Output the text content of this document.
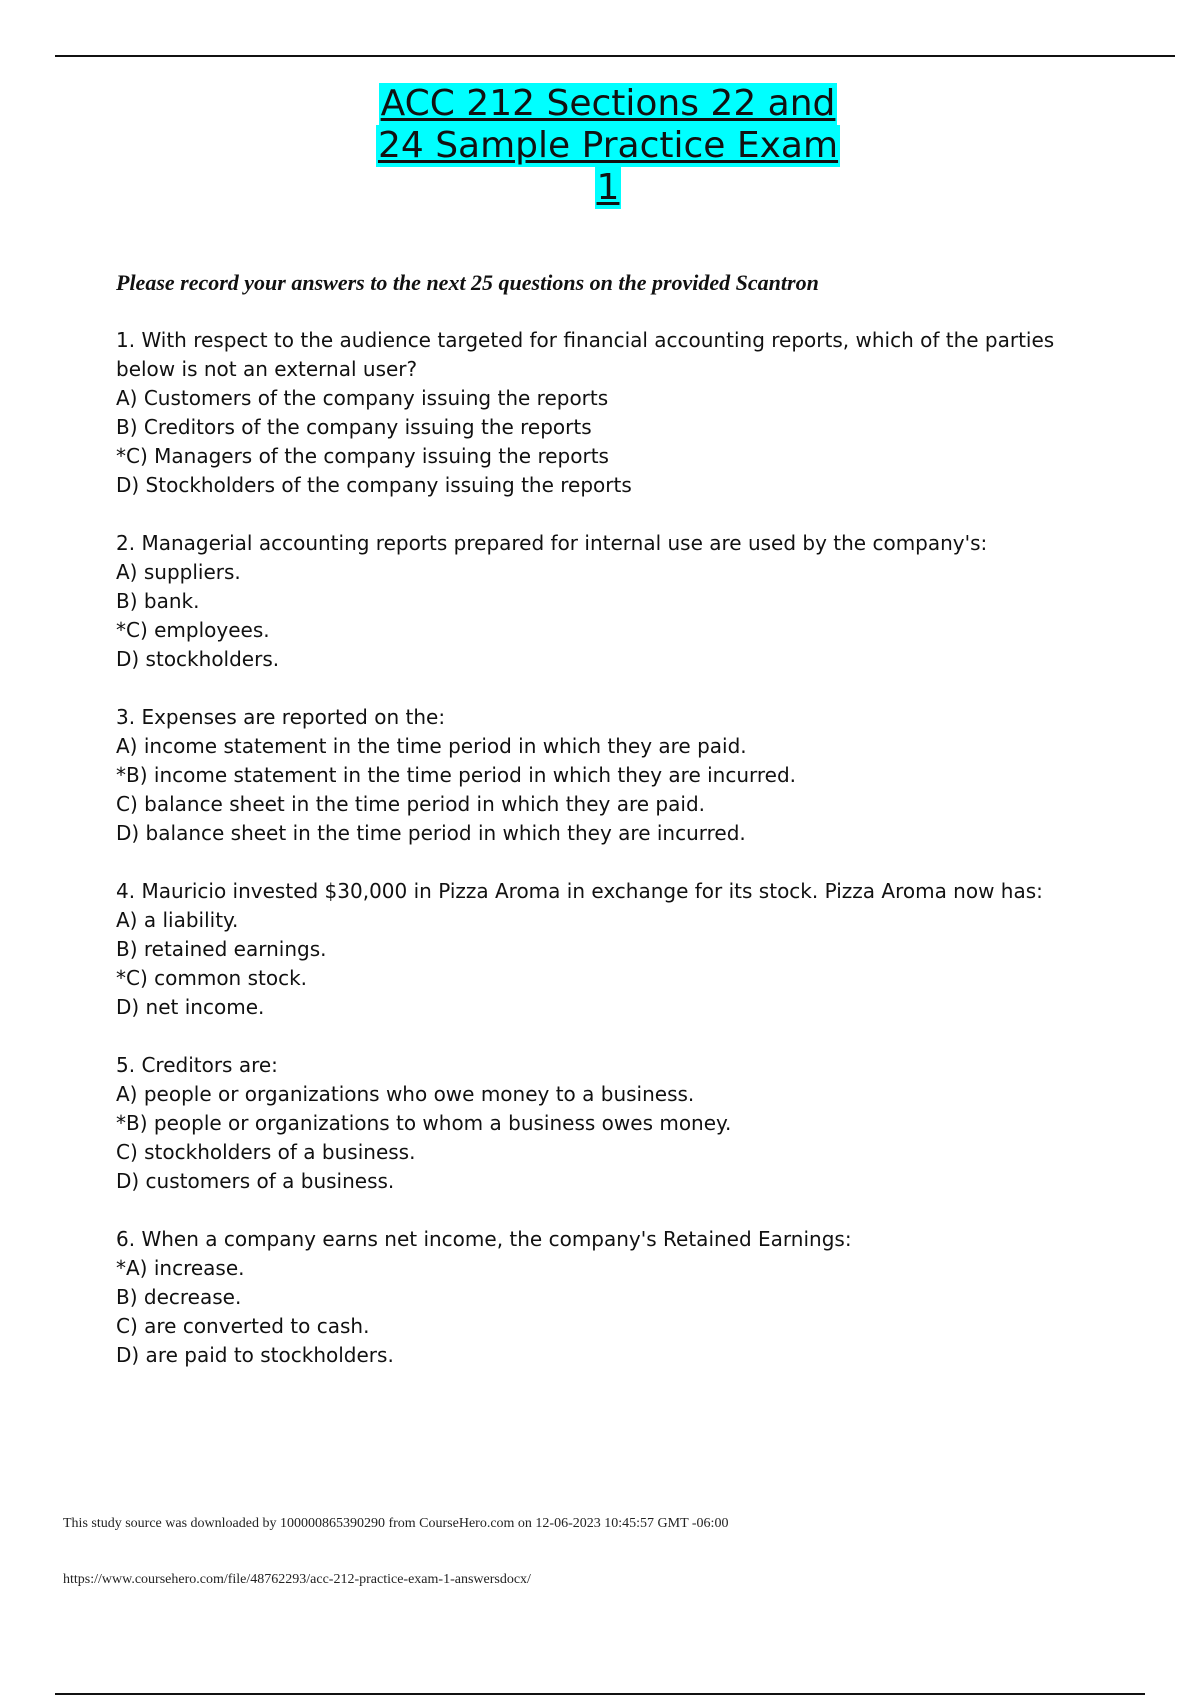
ACC 212 Sections 22 and
24 Sample Practice Exam
1
Please record your answers to the next 25 questions on the provided Scantron

1. With respect to the audience targeted for financial accounting reports, which of the parties below is not an external user?

A) Customers of the company issuing the reports

B) Creditors of the company issuing the reports

*C) Managers of the company issuing the reports

D) Stockholders of the company issuing the reports

2. Managerial accounting reports prepared for internal use are used by the company's:

A) suppliers.

B) bank.

*C) employees.

D) stockholders.

3. Expenses are reported on the:

A) income statement in the time period in which they are paid.

*B) income statement in the time period in which they are incurred.

C) balance sheet in the time period in which they are paid.

D) balance sheet in the time period in which they are incurred.

4. Mauricio invested $30,000 in Pizza Aroma in exchange for its stock. Pizza Aroma now has:

A) a liability.

B) retained earnings.

*C) common stock.

D) net income.

5. Creditors are:

A) people or organizations who owe money to a business.

*B) people or organizations to whom a business owes money.

C) stockholders of a business.

D) customers of a business.

6. When a company earns net income, the company's Retained Earnings:

*A) increase.

B) decrease.

C) are converted to cash.

D) are paid to stockholders.

This study source was downloaded by 100000865390290 from CourseHero.com on 12-06-2023 10:45:57 GMT -06:00
https://www.coursehero.com/file/48762293/acc-212-practice-exam-1-answersdocx/
